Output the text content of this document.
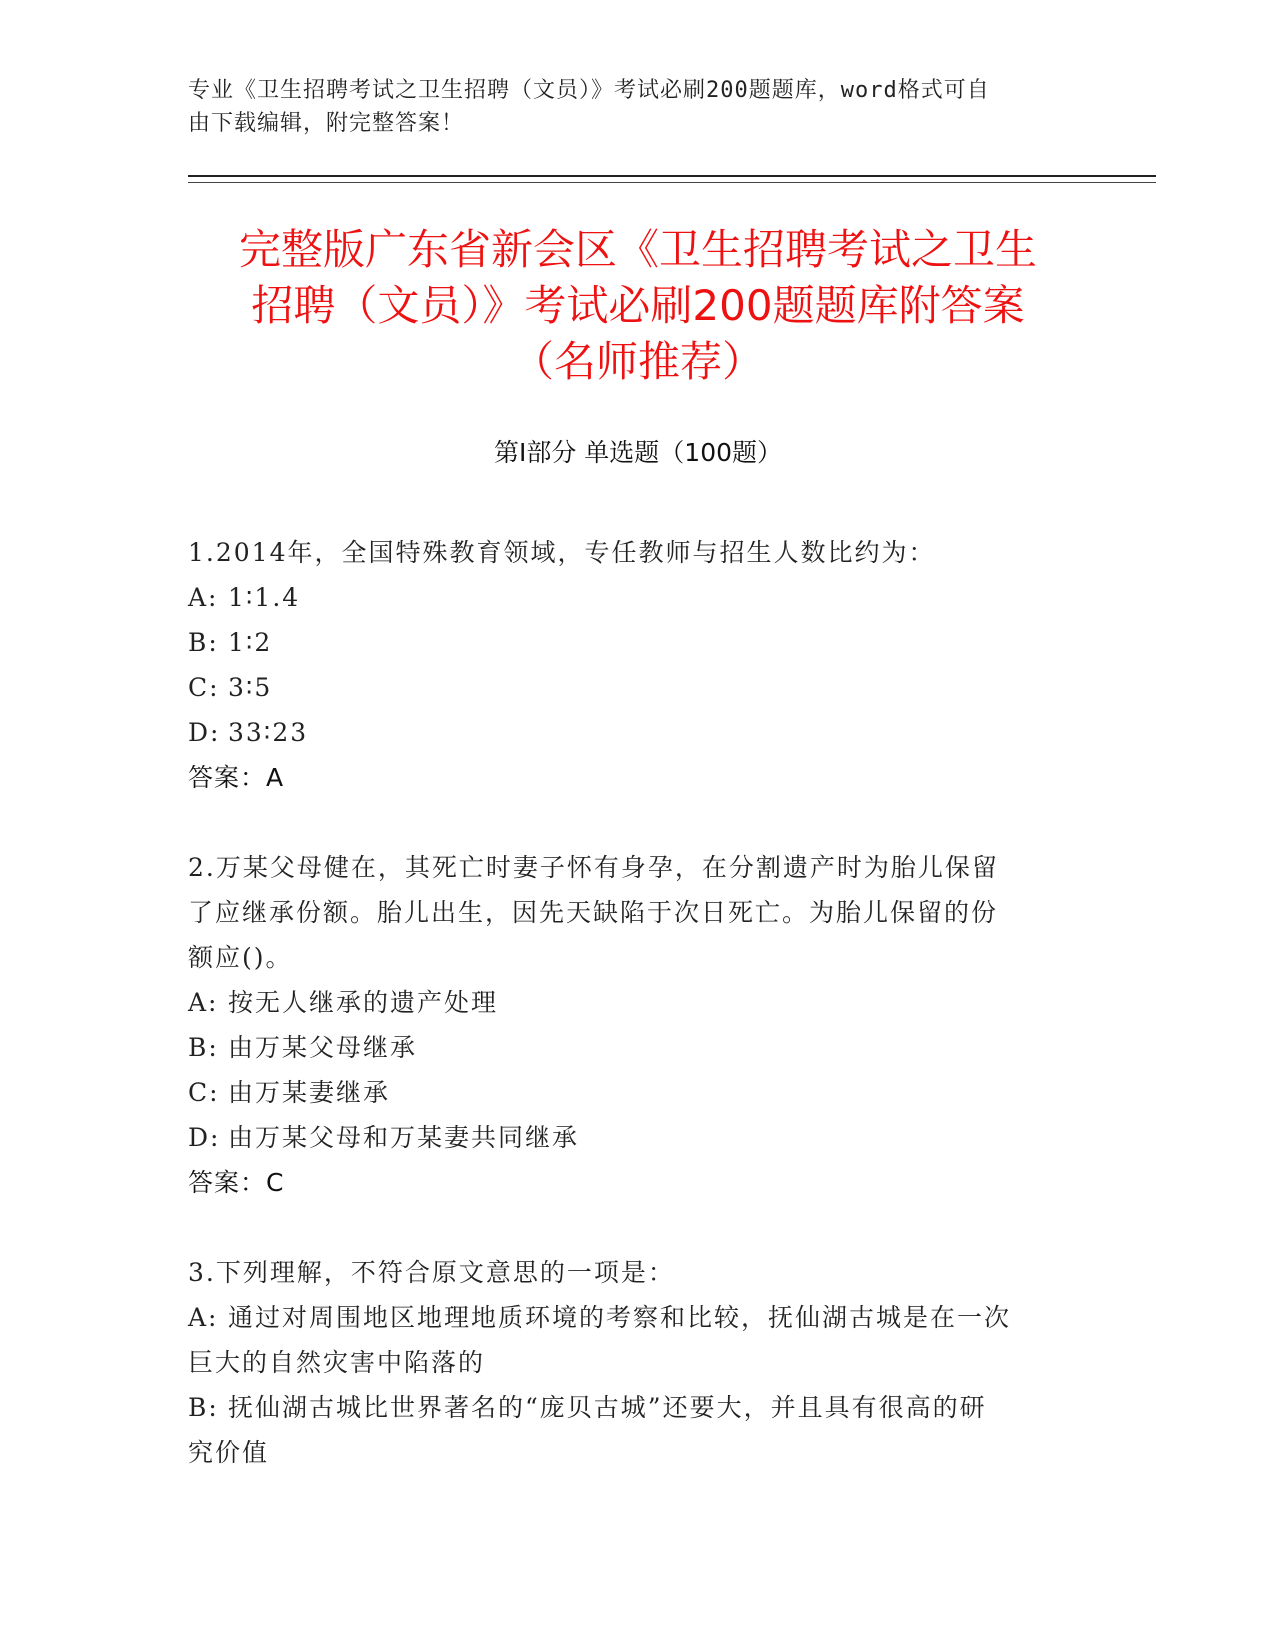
专业《卫生招聘考试之卫生招聘（文员）》考试必刷200题题库，word格式可自
由下载编辑，附完整答案！
完整版广东省新会区《卫生招聘考试之卫生
招聘（文员）》考试必刷200题题库附答案
（名师推荐）
第Ⅰ部分 单选题（100题）
1.2014年，全国特殊教育领域，专任教师与招生人数比约为：
A: 1∶1.4
B: 1∶2
C: 3∶5
D: 33∶23
答案：A
2.万某父母健在，其死亡时妻子怀有身孕，在分割遗产时为胎儿保留
了应继承份额。胎儿出生，因先天缺陷于次日死亡。为胎儿保留的份
额应()。
A: 按无人继承的遗产处理
B: 由万某父母继承
C: 由万某妻继承
D: 由万某父母和万某妻共同继承
答案：C
3.下列理解，不符合原文意思的一项是：
A: 通过对周围地区地理地质环境的考察和比较，抚仙湖古城是在一次
巨大的自然灾害中陷落的
B: 抚仙湖古城比世界著名的“庞贝古城”还要大，并且具有很高的研
究价值
